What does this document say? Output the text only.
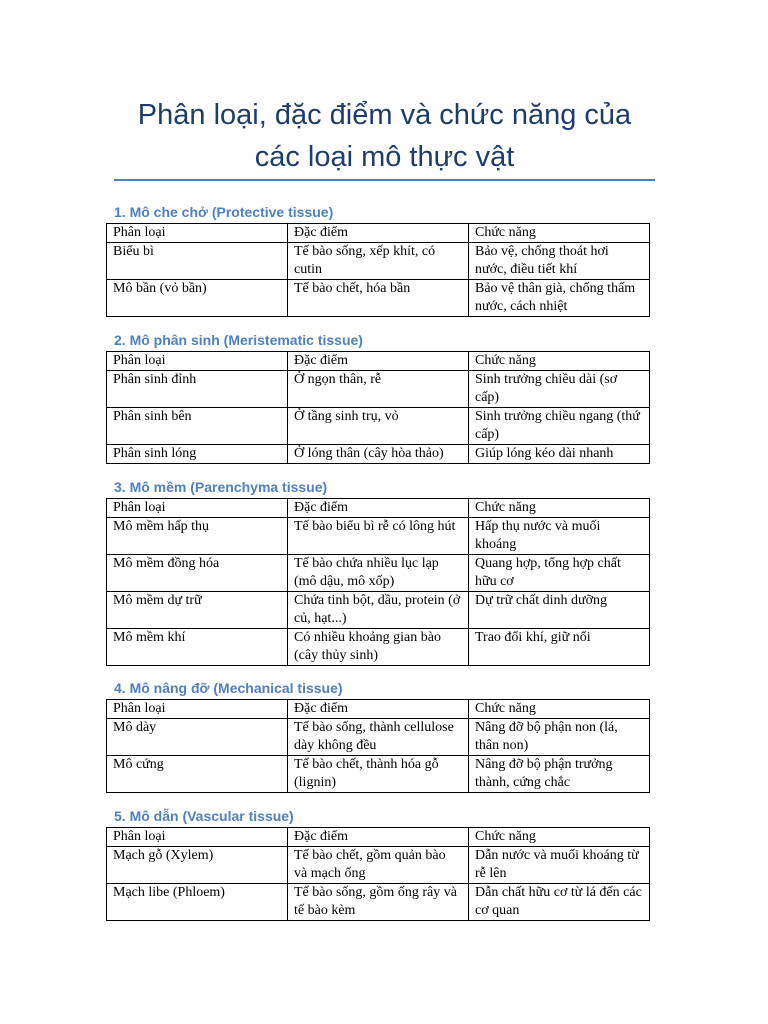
Phân loại, đặc điểm và chức năng của các loại mô thực vật
1. Mô che chở (Protective tissue)
Phân loại	Đặc điểm	Chức năng
Biểu bì	Tế bào sống, xếp khít, có cutin	Bảo vệ, chống thoát hơi nước, điều tiết khí
Mô bần (vỏ bần)	Tế bào chết, hóa bần	Bảo vệ thân già, chống thấm nước, cách nhiệt
2. Mô phân sinh (Meristematic tissue)
Phân loại	Đặc điểm	Chức năng
Phân sinh đỉnh	Ở ngọn thân, rễ	Sinh trưởng chiều dài (sơ cấp)
Phân sinh bên	Ở tầng sinh trụ, vỏ	Sinh trưởng chiều ngang (thứ cấp)
Phân sinh lóng	Ở lóng thân (cây hòa thảo)	Giúp lóng kéo dài nhanh
3. Mô mềm (Parenchyma tissue)
Phân loại	Đặc điểm	Chức năng
Mô mềm hấp thụ	Tế bào biểu bì rễ có lông hút	Hấp thụ nước và muối khoáng
Mô mềm đồng hóa	Tế bào chứa nhiều lục lạp (mô dậu, mô xốp)	Quang hợp, tổng hợp chất hữu cơ
Mô mềm dự trữ	Chứa tinh bột, dầu, protein (ở củ, hạt...)	Dự trữ chất dinh dưỡng
Mô mềm khí	Có nhiều khoảng gian bào (cây thủy sinh)	Trao đổi khí, giữ nổi
4. Mô nâng đỡ (Mechanical tissue)
Phân loại	Đặc điểm	Chức năng
Mô dày	Tế bào sống, thành cellulose dày không đều	Nâng đỡ bộ phận non (lá, thân non)
Mô cứng	Tế bào chết, thành hóa gỗ (lignin)	Nâng đỡ bộ phận trưởng thành, cứng chắc
5. Mô dẫn (Vascular tissue)
Phân loại	Đặc điểm	Chức năng
Mạch gỗ (Xylem)	Tế bào chết, gồm quản bào và mạch ống	Dẫn nước và muối khoáng từ rễ lên
Mạch libe (Phloem)	Tế bào sống, gồm ống rây và tế bào kèm	Dẫn chất hữu cơ từ lá đến các cơ quan
